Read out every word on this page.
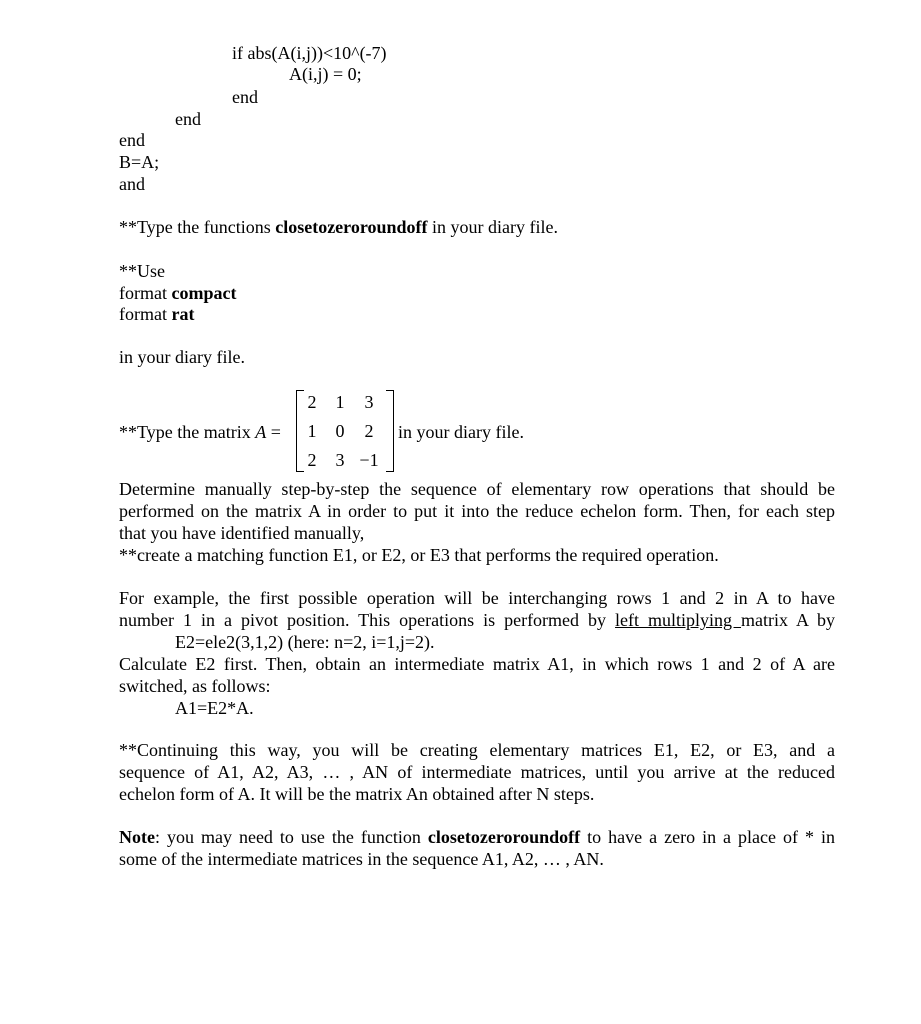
if abs(A(i,j))<10^(-7)
A(i,j) = 0;
end
end
end
B=A;
and
**Type the functions closetozeroroundoff in your diary file.
**Use
format compact
format rat
in your diary file.
**Type the matrix A =
2	1	3
1	0	2
2	3 −1
in your diary file.
Determine manually step-by-step the sequence of elementary row operations that should be
performed on the matrix A in order to put it into the reduce echelon form. Then, for each step
that you have identified manually,
**create a matching function E1, or E2, or E3 that performs the required operation.
For example, the first possible operation will be interchanging rows 1 and 2 in A to have
number 1 in a pivot position. This operations is performed by left multiplying matrix A by
E2=ele2(3,1,2) (here: n=2, i=1,j=2).
Calculate E2 first. Then, obtain an intermediate matrix A1, in which rows 1 and 2 of A are
switched, as follows:
A1=E2*A.
**Continuing this way, you will be creating elementary matrices E1, E2, or E3, and a
sequence of A1, A2, A3, … , AN of intermediate matrices, until you arrive at the reduced
echelon form of A. It will be the matrix An obtained after N steps.
Note: you may need to use the function closetozeroroundoff to have a zero in a place of * in
some of the intermediate matrices in the sequence A1, A2, … , AN.
